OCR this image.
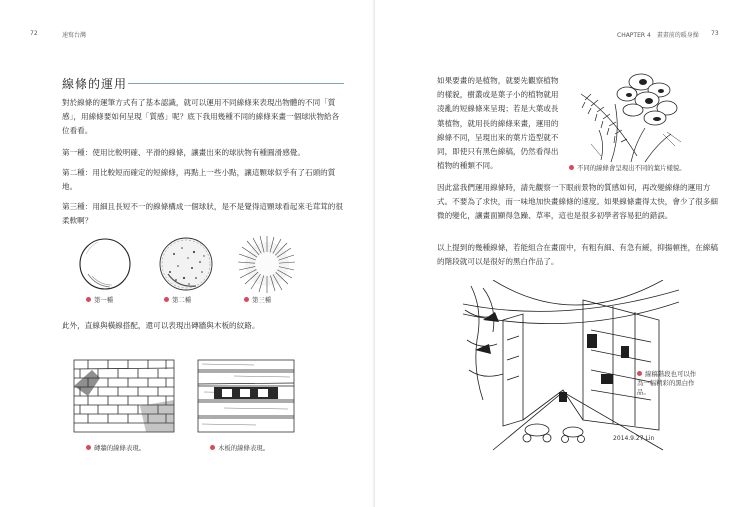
72	速寫台灣
線條的運用

對於線條的運筆方式有了基本認識，就可以運用不同線條來表現出物體的不同「質感」，用線條要如何呈現「質感」呢？底下我用幾種不同的線條來畫一個球狀物給各位看看。

第一種：使用比較明確、平滑的線條，讓畫出來的球狀物有種圓滑感覺。

第二種：用比較短而確定的短線條，再點上一些小點，讓這顆球似乎有了石頭的質地。

第三種：用細且長短不一的線條構成一個球狀，是不是覺得這顆球看起來毛茸茸的很柔軟啊？

第一種	第二種	第三種

此外，直線與橫線搭配，還可以表現出磚牆與木板的紋路。

磚牆的線條表現。	木板的線條表現。
CHAPTER 4　畫畫前的暖身操 73

如果要畫的是植物，就要先觀察植物的樣貌，樹叢或是葉子小的植物就用凌亂的短線條來呈現；若是大葉或長葉植物，就用長的線條來畫，運用的線條不同，呈現出來的葉片造型就不同，即使只有黑色線稿，仍然看得出植物的種類不同。	不同的線條會呈現出不同的葉片樣貌。

因此當我們運用線條時，請先觀察一下眼前景物的質感如何，再改變線條的運用方式。不要為了求快，而一味地加快畫線條的速度。如果線條畫得太快，會少了很多細微的變化，讓畫面顯得急躁、草率，這也是很多初學者容易犯的錯誤。

以上提到的幾種線條，若能組合在畫面中，有粗有細、有急有緩，抑揚頓挫，在線稿的階段就可以是很好的黑白作品了。

2014.9.27 Lin
線稿階段也可以作為一幅精彩的黑白作品。
